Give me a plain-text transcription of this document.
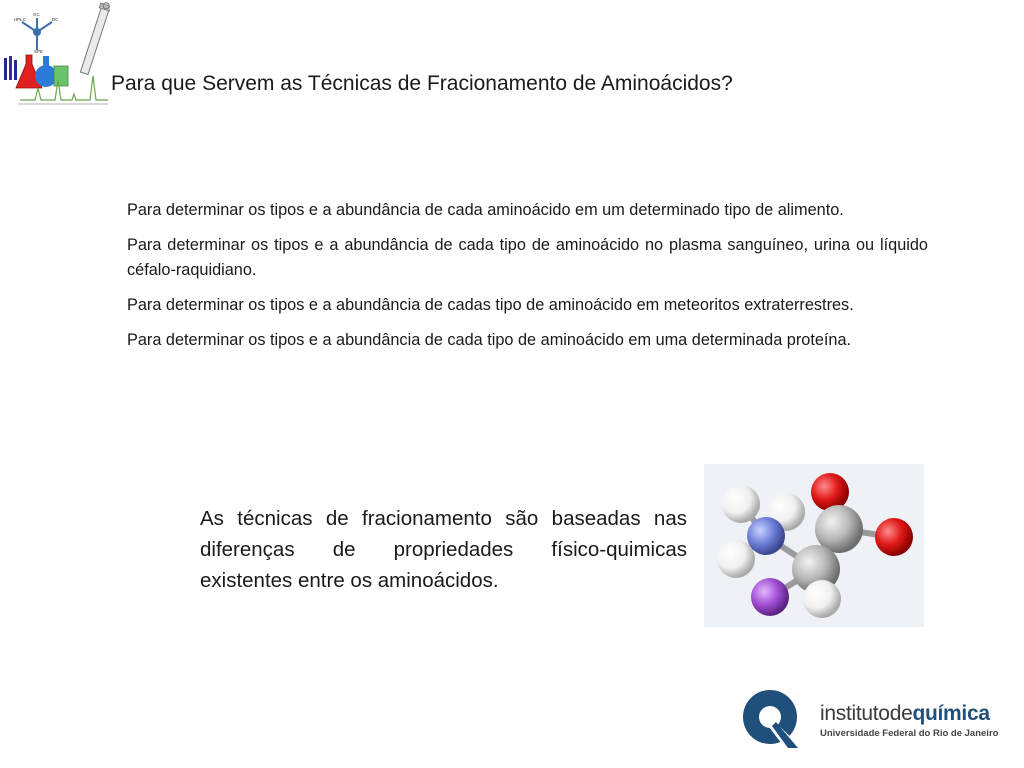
HPLC
GC
DC
SPE
Para que Servem as Técnicas de Fracionamento de Aminoácidos?

Para determinar os tipos e a abundância de cada aminoácido em um determinado tipo de alimento.

Para determinar os tipos e a abundância de cada tipo de aminoácido no plasma sanguíneo, urina ou líquido céfalo-raquidiano.

Para determinar os tipos e a abundância de cadas tipo de aminoácido em meteoritos extraterrestres.

Para determinar os tipos e a abundância de cada tipo de aminoácido em uma determinada proteína.

As técnicas de fracionamento são baseadas nas diferenças de propriedades físico-quimicas existentes entre os aminoácidos.
institutodequímica
Universidade Federal do Rio de Janeiro
